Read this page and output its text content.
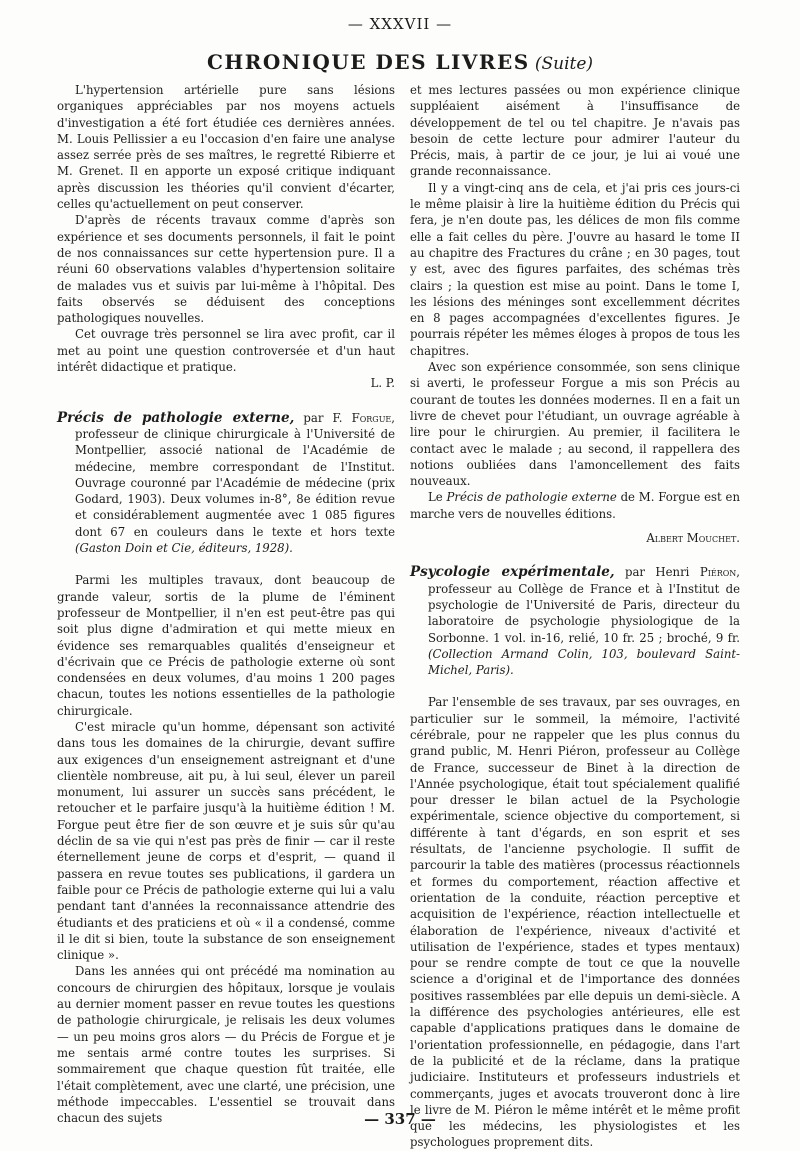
— XXXVII —
CHRONIQUE DES LIVRES (Suite)

L'hypertension artérielle pure sans lésions organiques appréciables par nos moyens actuels d'investigation a été fort étudiée ces dernières années. M. Louis Pellissier a eu l'occasion d'en faire une analyse assez serrée près de ses maîtres, le regretté Ribierre et M. Grenet. Il en apporte un exposé critique indiquant après discussion les théories qu'il convient d'écarter, celles qu'actuellement on peut conserver.

D'après de récents travaux comme d'après son expérience et ses documents personnels, il fait le point de nos connaissances sur cette hypertension pure. Il a réuni 60 observations valables d'hypertension solitaire de malades vus et suivis par lui-même à l'hôpital. Des faits observés se déduisent des conceptions pathologiques nouvelles.

Cet ouvrage très personnel se lira avec profit, car il met au point une question controversée et d'un haut intérêt didactique et pratique.

L. P.

Précis de pathologie externe, par F. Forgue, professeur de clinique chirurgicale à l'Université de Montpellier, associé national de l'Académie de médecine, membre correspondant de l'Institut. Ouvrage couronné par l'Académie de médecine (prix Godard, 1903). Deux volumes in-8°, 8e édition revue et considérablement augmentée avec 1 085 figures dont 67 en couleurs dans le texte et hors texte (Gaston Doin et Cie, éditeurs, 1928).

Parmi les multiples travaux, dont beaucoup de grande valeur, sortis de la plume de l'éminent professeur de Montpellier, il n'en est peut-être pas qui soit plus digne d'admiration et qui mette mieux en évidence ses remarquables qualités d'enseigneur et d'écrivain que ce Précis de pathologie externe où sont condensées en deux volumes, d'au moins 1 200 pages chacun, toutes les notions essentielles de la pathologie chirurgicale.

C'est miracle qu'un homme, dépensant son activité dans tous les domaines de la chirurgie, devant suffire aux exigences d'un enseignement astreignant et d'une clientèle nombreuse, ait pu, à lui seul, élever un pareil monument, lui assurer un succès sans précédent, le retoucher et le parfaire jusqu'à la huitième édition ! M. Forgue peut être fier de son œuvre et je suis sûr qu'au déclin de sa vie qui n'est pas près de finir — car il reste éternellement jeune de corps et d'esprit, — quand il passera en revue toutes ses publications, il gardera un faible pour ce Précis de pathologie externe qui lui a valu pendant tant d'années la reconnaissance attendrie des étudiants et des praticiens et où « il a condensé, comme il le dit si bien, toute la substance de son enseignement clinique ».

Dans les années qui ont précédé ma nomination au concours de chirurgien des hôpitaux, lorsque je voulais au dernier moment passer en revue toutes les questions de pathologie chirurgicale, je relisais les deux volumes — un peu moins gros alors — du Précis de Forgue et je me sentais armé contre toutes les surprises. Si sommairement que chaque question fût traitée, elle l'était complètement, avec une clarté, une précision, une méthode impeccables. L'essentiel se trouvait dans chacun des sujets

et mes lectures passées ou mon expérience clinique suppléaient aisément à l'insuffisance de développement de tel ou tel chapitre. Je n'avais pas besoin de cette lecture pour admirer l'auteur du Précis, mais, à partir de ce jour, je lui ai voué une grande reconnaissance.

Il y a vingt-cinq ans de cela, et j'ai pris ces jours-ci le même plaisir à lire la huitième édition du Précis qui fera, je n'en doute pas, les délices de mon fils comme elle a fait celles du père. J'ouvre au hasard le tome II au chapitre des Fractures du crâne ; en 30 pages, tout y est, avec des figures parfaites, des schémas très clairs ; la question est mise au point. Dans le tome I, les lésions des méninges sont excellemment décrites en 8 pages accompagnées d'excellentes figures. Je pourrais répéter les mêmes éloges à propos de tous les chapitres.

Avec son expérience consommée, son sens clinique si averti, le professeur Forgue a mis son Précis au courant de toutes les données modernes. Il en a fait un livre de chevet pour l'étudiant, un ouvrage agréable à lire pour le chirurgien. Au premier, il facilitera le contact avec le malade ; au second, il rappellera des notions oubliées dans l'amoncellement des faits nouveaux.

Le Précis de pathologie externe de M. Forgue est en marche vers de nouvelles éditions.

Albert Mouchet.

Psycologie expérimentale, par Henri Piéron, professeur au Collège de France et à l'Institut de psychologie de l'Université de Paris, directeur du laboratoire de psychologie physiologique de la Sorbonne. 1 vol. in-16, relié, 10 fr. 25 ; broché, 9 fr. (Collection Armand Colin, 103, boulevard Saint-Michel, Paris).

Par l'ensemble de ses travaux, par ses ouvrages, en particulier sur le sommeil, la mémoire, l'activité cérébrale, pour ne rappeler que les plus connus du grand public, M. Henri Piéron, professeur au Collège de France, successeur de Binet à la direction de l'Année psychologique, était tout spécialement qualifié pour dresser le bilan actuel de la Psychologie expérimentale, science objective du comportement, si différente à tant d'égards, en son esprit et ses résultats, de l'ancienne psychologie. Il suffit de parcourir la table des matières (processus réactionnels et formes du comportement, réaction affective et orientation de la conduite, réaction perceptive et acquisition de l'expérience, réaction intellectuelle et élaboration de l'expérience, niveaux d'activité et utilisation de l'expérience, stades et types mentaux) pour se rendre compte de tout ce que la nouvelle science a d'original et de l'importance des données positives rassemblées par elle depuis un demi-siècle. A la différence des psychologies antérieures, elle est capable d'applications pratiques dans le domaine de l'orientation professionnelle, en pédagogie, dans l'art de la publicité et de la réclame, dans la pratique judiciaire. Instituteurs et professeurs industriels et commerçants, juges et avocats trouveront donc à lire le livre de M. Piéron le même intérêt et le même profit que les médecins, les physiologistes et les psychologues proprement dits.

— 337 —
